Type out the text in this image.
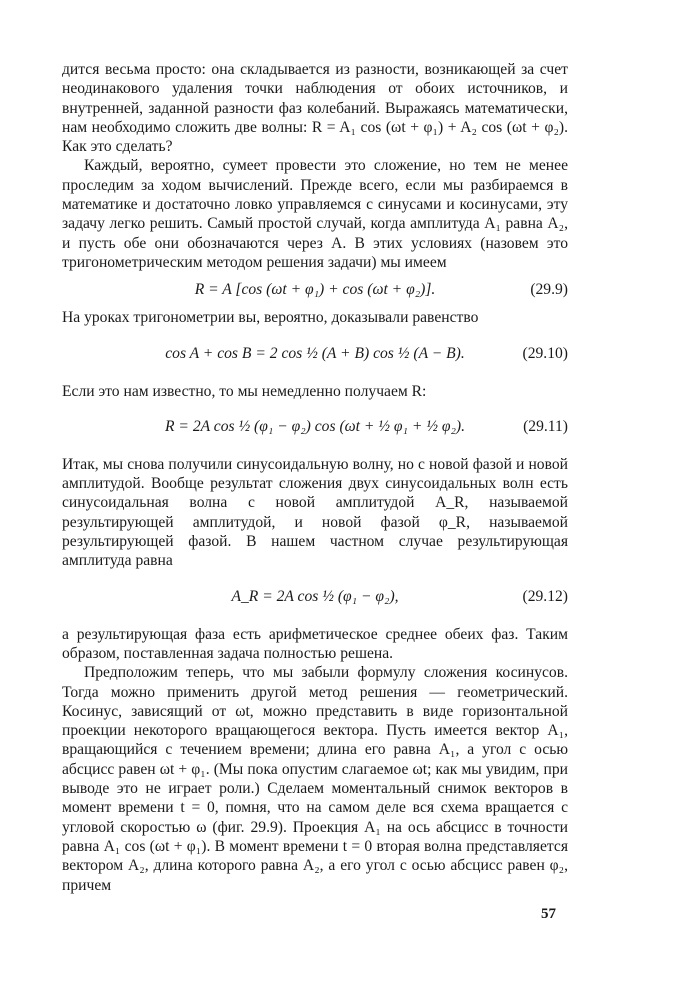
дится весьма просто: она складывается из разности, возникающей за счет неодинакового удаления точки наблюдения от обоих источников, и внутренней, заданной разности фаз колебаний. Выражаясь математически, нам необходимо сложить две волны: R = A₁ cos (ωt + φ₁) + A₂ cos (ωt + φ₂). Как это сделать?

Каждый, вероятно, сумеет провести это сложение, но тем не менее проследим за ходом вычислений. Прежде всего, если мы разбираемся в математике и достаточно ловко управляемся с синусами и косинусами, эту задачу легко решить. Самый простой случай, когда амплитуда A₁ равна A₂, и пусть обе они обозначаются через A. В этих условиях (назовем это тригонометрическим методом решения задачи) мы имеем

R = A [cos (ωt + φ₁) + cos (ωt + φ₂)].	(29.9)

На уроках тригонометрии вы, вероятно, доказывали равенство

cos A + cos B = 2 cos ½ (A + B) cos ½ (A − B).	(29.10)

Если это нам известно, то мы немедленно получаем R:

R = 2A cos ½ (φ₁ − φ₂) cos (ωt + ½ φ₁ + ½ φ₂).	(29.11)

Итак, мы снова получили синусоидальную волну, но с новой фазой и новой амплитудой. Вообще результат сложения двух синусоидальных волн есть синусоидальная волна с новой амплитудой A_R, называемой результирующей амплитудой, и новой фазой φ_R, называемой результирующей фазой. В нашем частном случае результирующая амплитуда равна

A_R = 2A cos ½ (φ₁ − φ₂),	(29.12)

а результирующая фаза есть арифметическое среднее обеих фаз. Таким образом, поставленная задача полностью решена.

Предположим теперь, что мы забыли формулу сложения косинусов. Тогда можно применить другой метод решения — геометрический. Косинус, зависящий от ωt, можно представить в виде горизонтальной проекции некоторого вращающегося вектора. Пусть имеется вектор A₁, вращающийся с течением времени; длина его равна A₁, а угол с осью абсцисс равен ωt + φ₁. (Мы пока опустим слагаемое ωt; как мы увидим, при выводе это не играет роли.) Сделаем моментальный снимок векторов в момент времени t = 0, помня, что на самом деле вся схема вращается с угловой скоростью ω (фиг. 29.9). Проекция A₁ на ось абсцисс в точности равна A₁ cos (ωt + φ₁). В момент времени t = 0 вторая волна представляется вектором A₂, длина которого равна A₂, а его угол с осью абсцисс равен φ₂, причем

57
